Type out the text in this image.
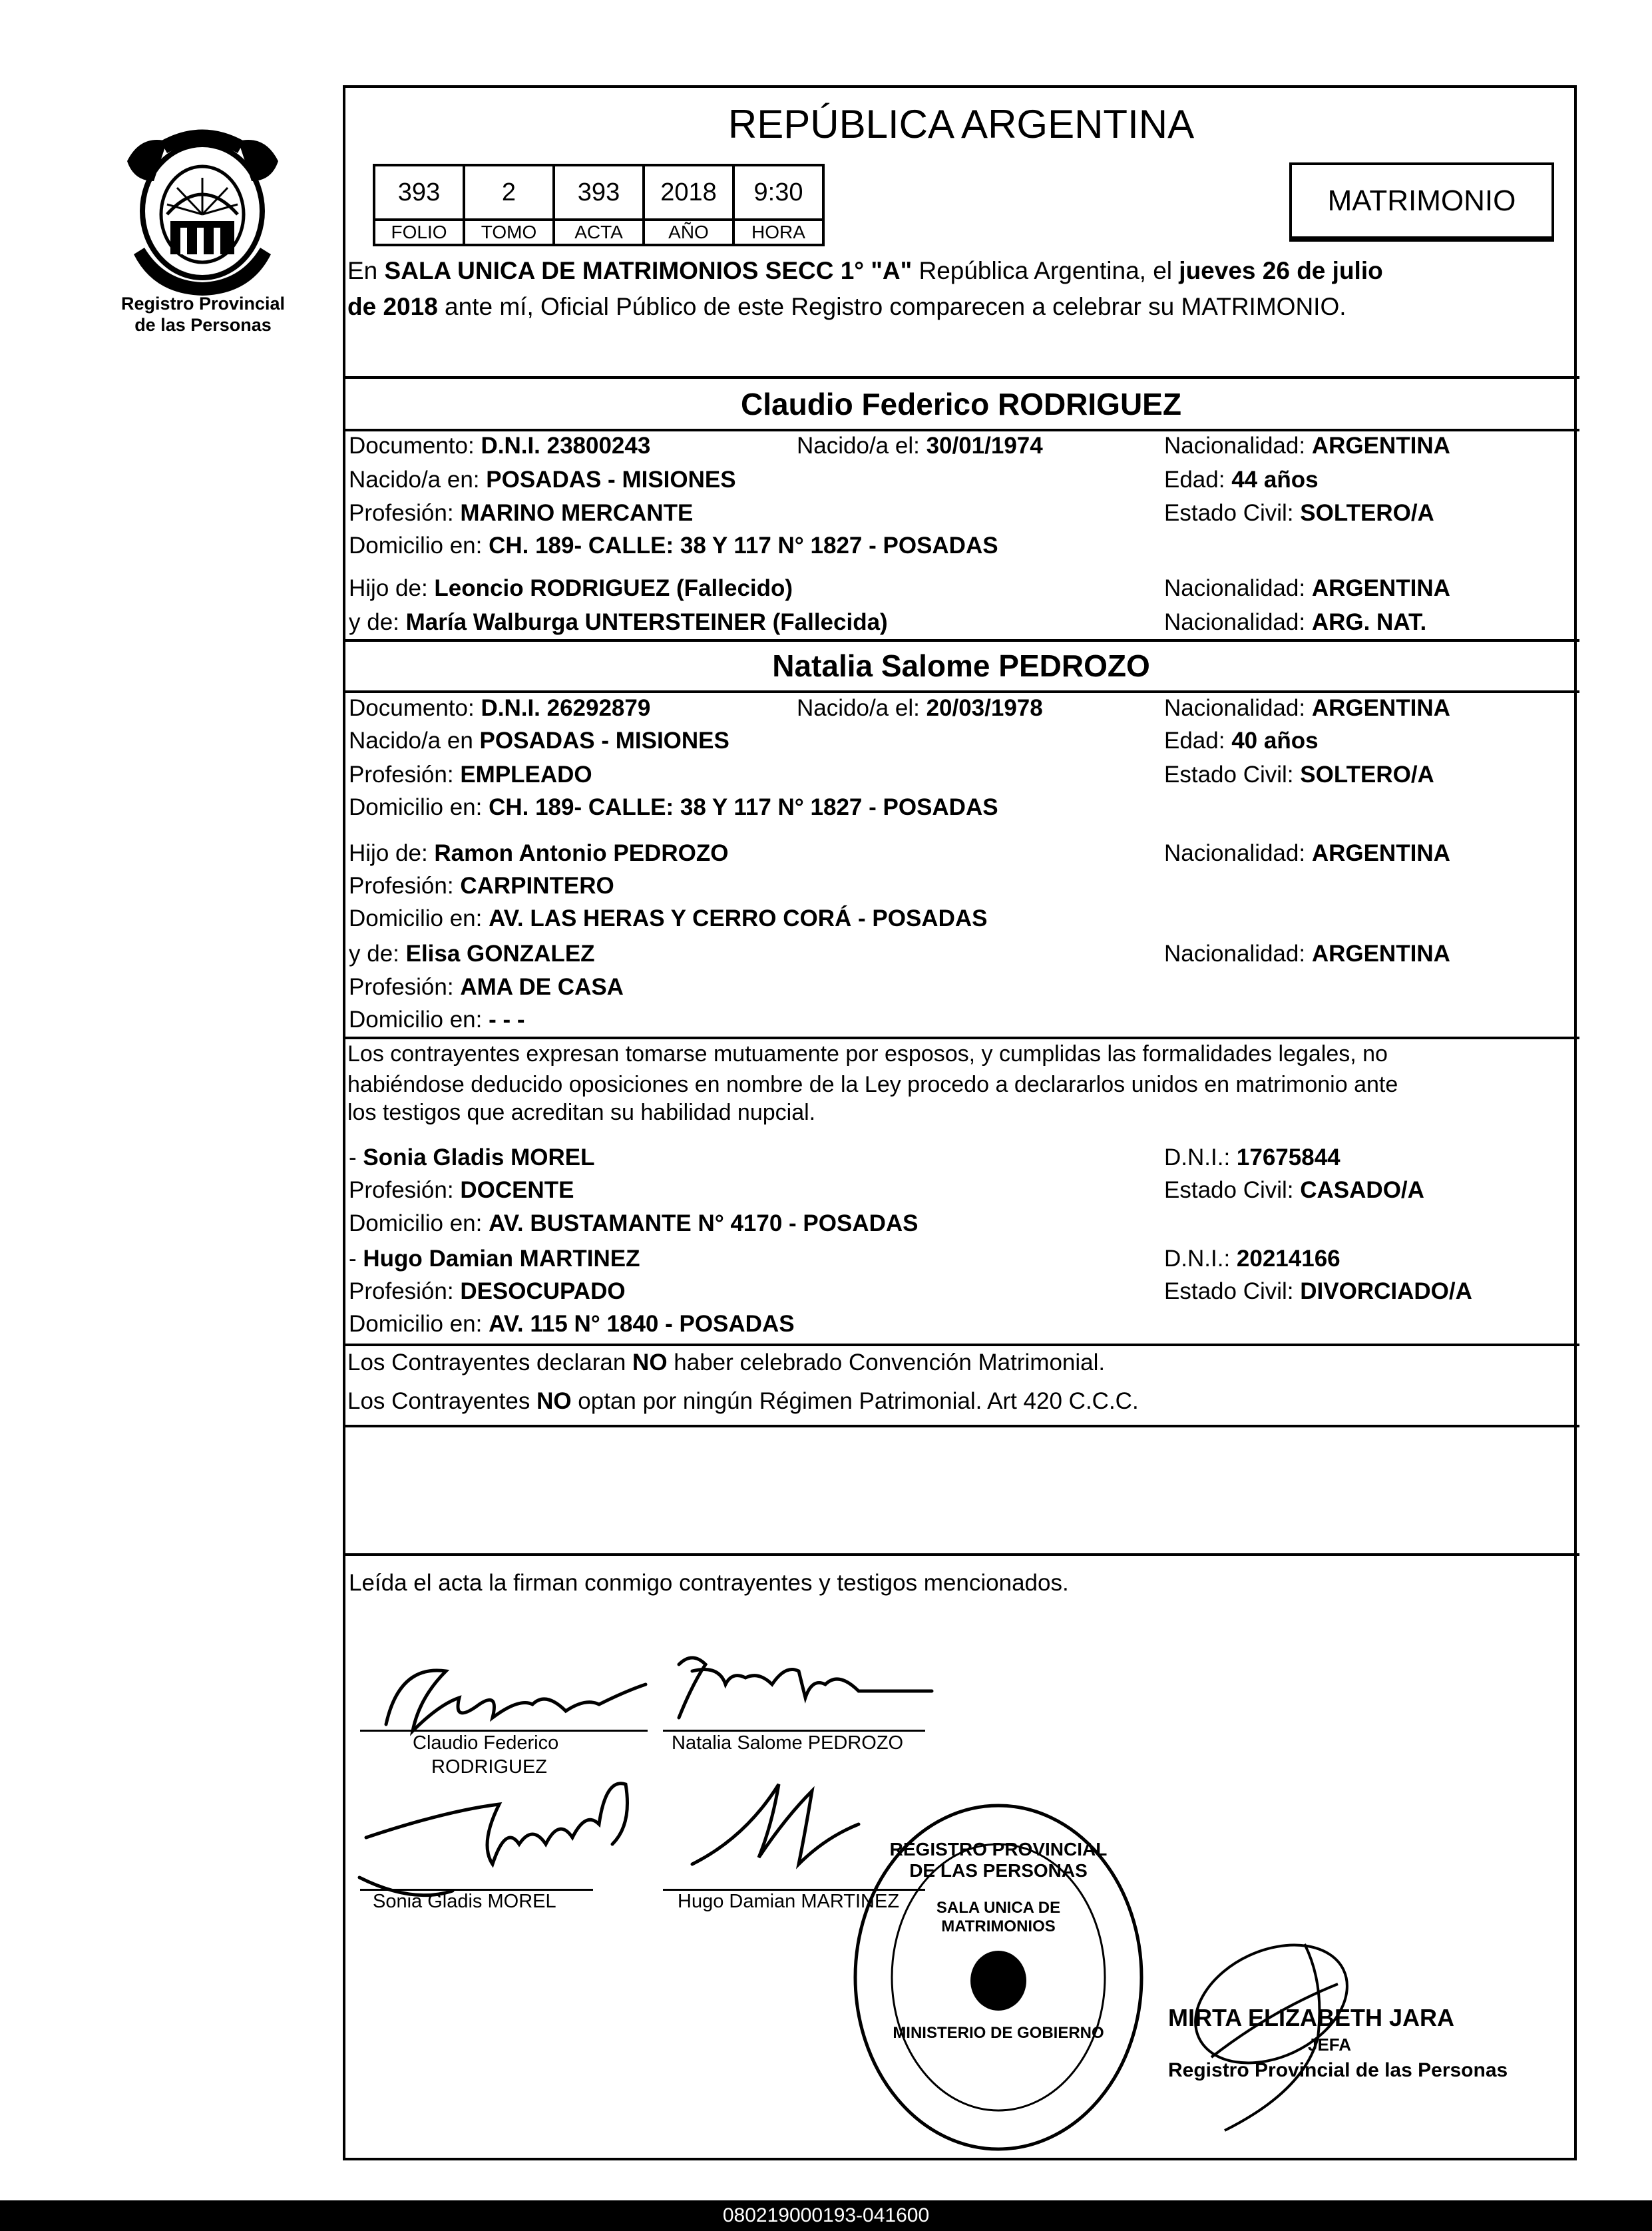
Registro Provincial
de las Personas
REPÚBLICA ARGENTINA
393	2	393	2018	9:30
FOLIO	TOMO	ACTA	AÑO	HORA
MATRIMONIO
En SALA UNICA DE MATRIMONIOS SECC 1° "A" República Argentina, el jueves 26 de julio
de 2018 ante mí, Oficial Público de este Registro comparecen a celebrar su MATRIMONIO.
Claudio Federico RODRIGUEZ
Documento: D.N.I. 23800243	Nacido/a el: 30/01/1974	Nacionalidad: ARGENTINA
Nacido/a en: POSADAS - MISIONES	Edad: 44 años
Profesión: MARINO MERCANTE	Estado Civil: SOLTERO/A
Domicilio en: CH. 189- CALLE: 38 Y 117 N° 1827 - POSADAS
Hijo de: Leoncio RODRIGUEZ (Fallecido)	Nacionalidad: ARGENTINA
y de: María Walburga UNTERSTEINER (Fallecida)	Nacionalidad: ARG. NAT.
Natalia Salome PEDROZO
Documento: D.N.I. 26292879	Nacido/a el: 20/03/1978	Nacionalidad: ARGENTINA
Nacido/a en POSADAS - MISIONES	Edad: 40 años
Profesión: EMPLEADO	Estado Civil: SOLTERO/A
Domicilio en: CH. 189- CALLE: 38 Y 117 N° 1827 - POSADAS
Hijo de: Ramon Antonio PEDROZO	Nacionalidad: ARGENTINA
Profesión: CARPINTERO
Domicilio en: AV. LAS HERAS Y CERRO CORÁ - POSADAS
y de: Elisa GONZALEZ	Nacionalidad: ARGENTINA
Profesión: AMA DE CASA
Domicilio en: - - -
Los contrayentes expresan tomarse mutuamente por esposos, y cumplidas las formalidades legales, no
habiéndose deducido oposiciones en nombre de la Ley procedo a declararlos unidos en matrimonio ante
los testigos que acreditan su habilidad nupcial.
- Sonia Gladis MOREL	D.N.I.: 17675844
Profesión: DOCENTE	Estado Civil: CASADO/A
Domicilio en: AV. BUSTAMANTE N° 4170 - POSADAS
- Hugo Damian MARTINEZ	D.N.I.: 20214166
Profesión: DESOCUPADO	Estado Civil: DIVORCIADO/A
Domicilio en: AV. 115 N° 1840 - POSADAS
Los Contrayentes declaran NO haber celebrado Convención Matrimonial.
Los Contrayentes NO optan por ningún Régimen Patrimonial. Art 420 C.C.C.
Leída el acta la firman conmigo contrayentes y testigos mencionados.
Claudio Federico
RODRIGUEZ
Natalia Salome PEDROZO
Sonia Gladis MOREL	Hugo Damian MARTINEZ
REGISTRO PROVINCIAL DE LAS PERSONAS
SALA UNICA DE MATRIMONIOS
MINISTERIO DE GOBIERNO
MIRTA ELIZABETH JARA
JEFA
Registro Provincial de las Personas
080219000193-041600
